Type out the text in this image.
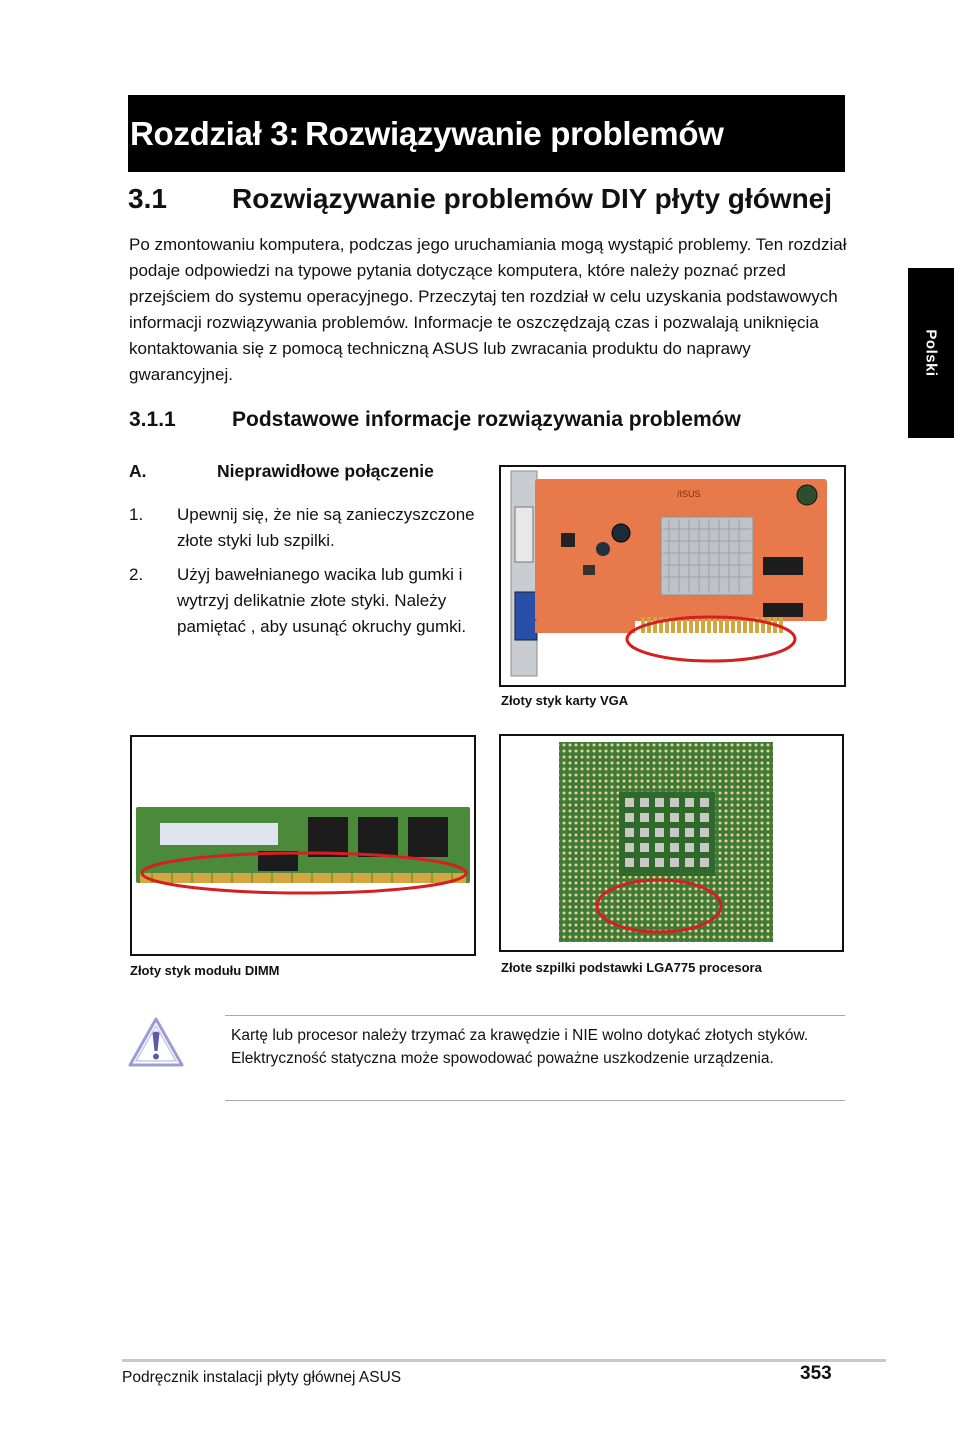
Rozdział 3: Rozwiązywanie problemów
Polski
3.1 Rozwiązywanie problemów DIY płyty głównej

Po zmontowaniu komputera, podczas jego uruchamiania mogą wystąpić problemy. Ten rozdział podaje odpowiedzi na typowe pytania dotyczące komputera, które należy poznać przed przejściem do systemu operacyjnego. Przeczytaj ten rozdział w celu uzyskania podstawowych informacji rozwiązywania problemów. Informacje te oszczędzają czas i pozwalają uniknięcia kontaktowania się z pomocą techniczną ASUS lub zwracania produktu do naprawy gwarancyjnej.

3.1.1	Podstawowe informacje rozwiązywania problemów
A.	Nieprawidłowe połączenie
1.	Upewnij się, że nie są zanieczyszczone złote styki lub szpilki.
2.	Użyj bawełnianego wacika lub gumki i wytrzyj delikatnie złote styki. Należy pamiętać , aby usunąć okruchy gumki.
/ISUS
Złoty styk karty VGA
Złoty styk modułu DIMM	Złote szpilki podstawki LGA775 procesora

Kartę lub procesor należy trzymać za krawędzie i NIE wolno dotykać złotych styków. Elektryczność statyczna może spowodować poważne uszkodzenie urządzenia.

Podręcznik instalacji płyty głównej ASUS	353
